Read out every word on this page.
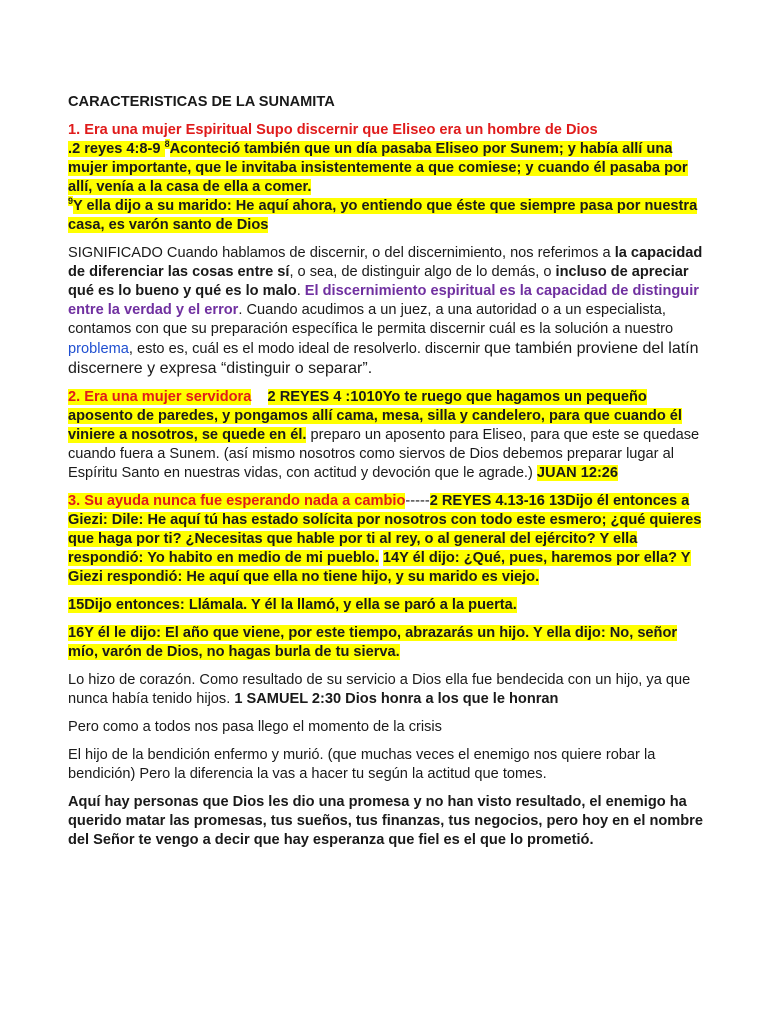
CARACTERISTICAS DE LA SUNAMITA

1. Era una mujer Espiritual Supo discernir que Eliseo era un hombre de Dios

.2 reyes 4:8-9 $^8$Aconteció también que un día pasaba Eliseo por Sunem; y había allí una mujer importante, que le invitaba insistentemente a que comiese; y cuando él pasaba por allí, venía a la casa de ella a comer.
$^9$Y ella dijo a su marido: He aquí ahora, yo entiendo que éste que siempre pasa por nuestra casa, es varón santo de Dios

SIGNIFICADO Cuando hablamos de discernir, o del discernimiento, nos referimos a la capacidad de diferenciar las cosas entre sí, o sea, de distinguir algo de lo demás, o incluso de apreciar qué es lo bueno y qué es lo malo. El discernimiento espiritual es la capacidad de distinguir entre la verdad y el error. Cuando acudimos a un juez, a una autoridad o a un especialista, contamos con que su preparación específica le permita discernir cuál es la solución a nuestro problema, esto es, cuál es el modo ideal de resolverlo. discernir que también proviene del latín discernere y expresa “distinguir o separar”.

2. Era una mujer servidora 2 REYES 4 :1010Yo te ruego que hagamos un pequeño aposento de paredes, y pongamos allí cama, mesa, silla y candelero, para que cuando él viniere a nosotros, se quede en él. preparo un aposento para Eliseo, para que este se quedase cuando fuera a Sunem. (así mismo nosotros como siervos de Dios debemos preparar lugar al Espíritu Santo en nuestras vidas, con actitud y devoción que le agrade.) JUAN 12:26

3. Su ayuda nunca fue esperando nada a cambio-----2 REYES 4.13-16 13Dijo él entonces a Giezi: Dile: He aquí tú has estado solícita por nosotros con todo este esmero; ¿qué quieres que haga por ti? ¿Necesitas que hable por ti al rey, o al general del ejército? Y ella respondió: Yo habito en medio de mi pueblo. 14Y él dijo: ¿Qué, pues, haremos por ella? Y Giezi respondió: He aquí que ella no tiene hijo, y su marido es viejo.

15Dijo entonces: Llámala. Y él la llamó, y ella se paró a la puerta.

16Y él le dijo: El año que viene, por este tiempo, abrazarás un hijo. Y ella dijo: No, señor mío, varón de Dios, no hagas burla de tu sierva.

Lo hizo de corazón. Como resultado de su servicio a Dios ella fue bendecida con un hijo, ya que nunca había tenido hijos. 1 SAMUEL 2:30 Dios honra a los que le honran

Pero como a todos nos pasa llego el momento de la crisis

El hijo de la bendición enfermo y murió. (que muchas veces el enemigo nos quiere robar la bendición) Pero la diferencia la vas a hacer tu según la actitud que tomes.

Aquí hay personas que Dios les dio una promesa y no han visto resultado, el enemigo ha querido matar las promesas, tus sueños, tus finanzas, tus negocios, pero hoy en el nombre del Señor te vengo a decir que hay esperanza que fiel es el que lo prometió.
